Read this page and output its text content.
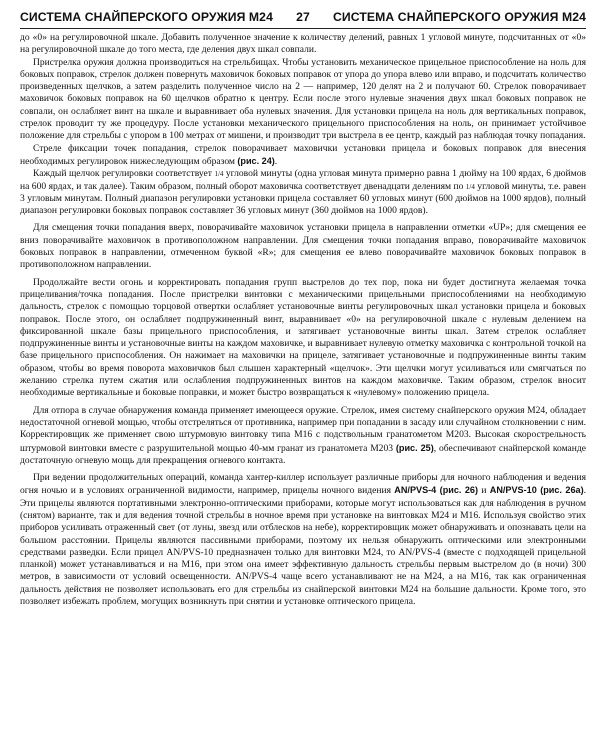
СИСТЕМА СНАЙПЕРСКОГО ОРУЖИЯ М24 27 СИСТЕМА СНАЙПЕРСКОГО ОРУЖИЯ М24

до «0» на регулировочной шкале. Добавить полученное значение к количеству делений, равных 1 угловой минуте, подсчитанных от «0» на регулировочной шкале до того места, где деления двух шкал совпали.

Пристрелка оружия должна производиться на стрельбищах. Чтобы установить механическое прицельное приспособление на ноль для боковых поправок, стрелок должен повернуть маховичок боковых поправок от упора до упора влево или вправо, и подсчитать количество произведенных щелчков, а затем разделить полученное число на 2 — например, 120 делят на 2 и получают 60. Стрелок поворачивает маховичок боковых поправок на 60 щелчков обратно к центру. Если после этого нулевые значения двух шкал боковых поправок не совпали, он ослабляет винт на шкале и выравнивает оба нулевых значения. Для установки прицела на ноль для вертикальных поправок, стрелок проводит ту же процедуру. После установки механического прицельного приспособления на ноль, он принимает устойчивое положение для стрельбы с упором в 100 метрах от мишени, и производит три выстрела в ее центр, каждый раз наблюдая точку попадания.

Стреле фиксации точек попадания, стрелок поворачивает маховички установки прицела и боковых поправок для внесения необходимых регулировок нижеследующим образом (рис. 24).

Каждый щелчок регулировки соответствует 1/4 угловой минуты (одна угловая минута примерно равна 1 дюйму на 100 ярдах, 6 дюймов на 600 ярдах, и так далее). Таким образом, полный оборот маховичка соответствует двенадцати делениям по 1/4 угловой минуты, т.е. равен 3 угловым минутам. Полный диапазон регулировки установки прицела составляет 60 угловых минут (600 дюймов на 1000 ярдов), полный диапазон регулировки боковых поправок составляет 36 угловых минут (360 дюймов на 1000 ярдов).

Для смещения точки попадания вверх, поворачивайте маховичок установки прицела в направлении отметки «UP»; для смещения ее вниз поворачивайте маховичок в противоположном направлении. Для смещения точки попадания вправо, поворачивайте маховичок боковых поправок в направлении, отмеченном буквой «R»; для смещения ее влево поворачивайте маховичок боковых поправок в противоположном направлении.

Продолжайте вести огонь и корректировать попадания групп выстрелов до тех пор, пока ни будет достигнута желаемая точка прицеливания/точка попадания. После пристрелки винтовки с механическими прицельными приспособлениями на необходимую дальность, стрелок с помощью торцовой отвертки ослабляет установочные винты регулировочных шкал установки прицела и боковых поправок. После этого, он ослабляет подпружиненный винт, выравнивает «0» на регулировочной шкале с нулевым делением на фиксированной шкале базы прицельного приспособления, и затягивает установочные винты шкал. Затем стрелок ослабляет подпружиненные винты и установочные винты на каждом маховичке, и выравнивает нулевую отметку маховичка с контрольной точкой на базе прицельного приспособления. Он нажимает на маховички на прицеле, затягивает установочные и подпружиненные винты таким образом, чтобы во время поворота маховичков был слышен характерный «щелчок». Эти щелчки могут усиливаться или смягчаться по желанию стрелка путем сжатия или ослабления подпружиненных винтов на каждом маховичке. Таким образом, стрелок вносит необходимые вертикальные и боковые поправки, и может быстро возвращаться к «нулевому» положению прицела.

Для отпора в случае обнаружения команда применяет имеющееся оружие. Стрелок, имея систему снайперского оружия М24, обладает недостаточной огневой мощью, чтобы отстреляться от противника, например при попадании в засаду или случайном столкновении с ним. Корректировщик же применяет свою штурмовую винтовку типа М16 с подствольным гранатометом М203. Высокая скорострельность штурмовой винтовки вместе с разрушительной мощью 40-мм гранат из гранатомета М203 (рис. 25), обеспечивают снайперской команде достаточную огневую мощь для прекращения огневого контакта.

При ведении продолжительных операций, команда хантер-киллер использует различные приборы для ночного наблюдения и ведения огня ночью и в условиях ограниченной видимости, например, прицелы ночного видения AN/PVS-4 (рис. 26) и AN/PVS-10 (рис. 26а). Эти прицелы являются портативными электронно-оптическими приборами, которые могут использоваться как для наблюдения в ручном (снятом) варианте, так и для ведения точной стрельбы в ночное время при установке на винтовках М24 и М16. Используя свойство этих приборов усиливать отраженный свет (от луны, звезд или отблесков на небе), корректировщик может обнаруживать и опознавать цели на большом расстоянии. Прицелы являются пассивными приборами, поэтому их нельзя обнаружить оптическими или электронными средствами разведки. Если прицел AN/PVS-10 предназначен только для винтовки М24, то AN/PVS-4 (вместе с подходящей прицельной планкой) может устанавливаться и на М16, при этом она имеет эффективную дальность стрельбы первым выстрелом до (в ночи) 300 метров, в зависимости от условий освещенности. AN/PVS-4 чаще всего устанавливают не на М24, а на М16, так как ограниченная дальность действия не позволяет использовать его для стрельбы из снайперской винтовки М24 на большие дальности. Кроме того, это позволяет избежать проблем, могущих возникнуть при снятии и установке оптического прицела.
